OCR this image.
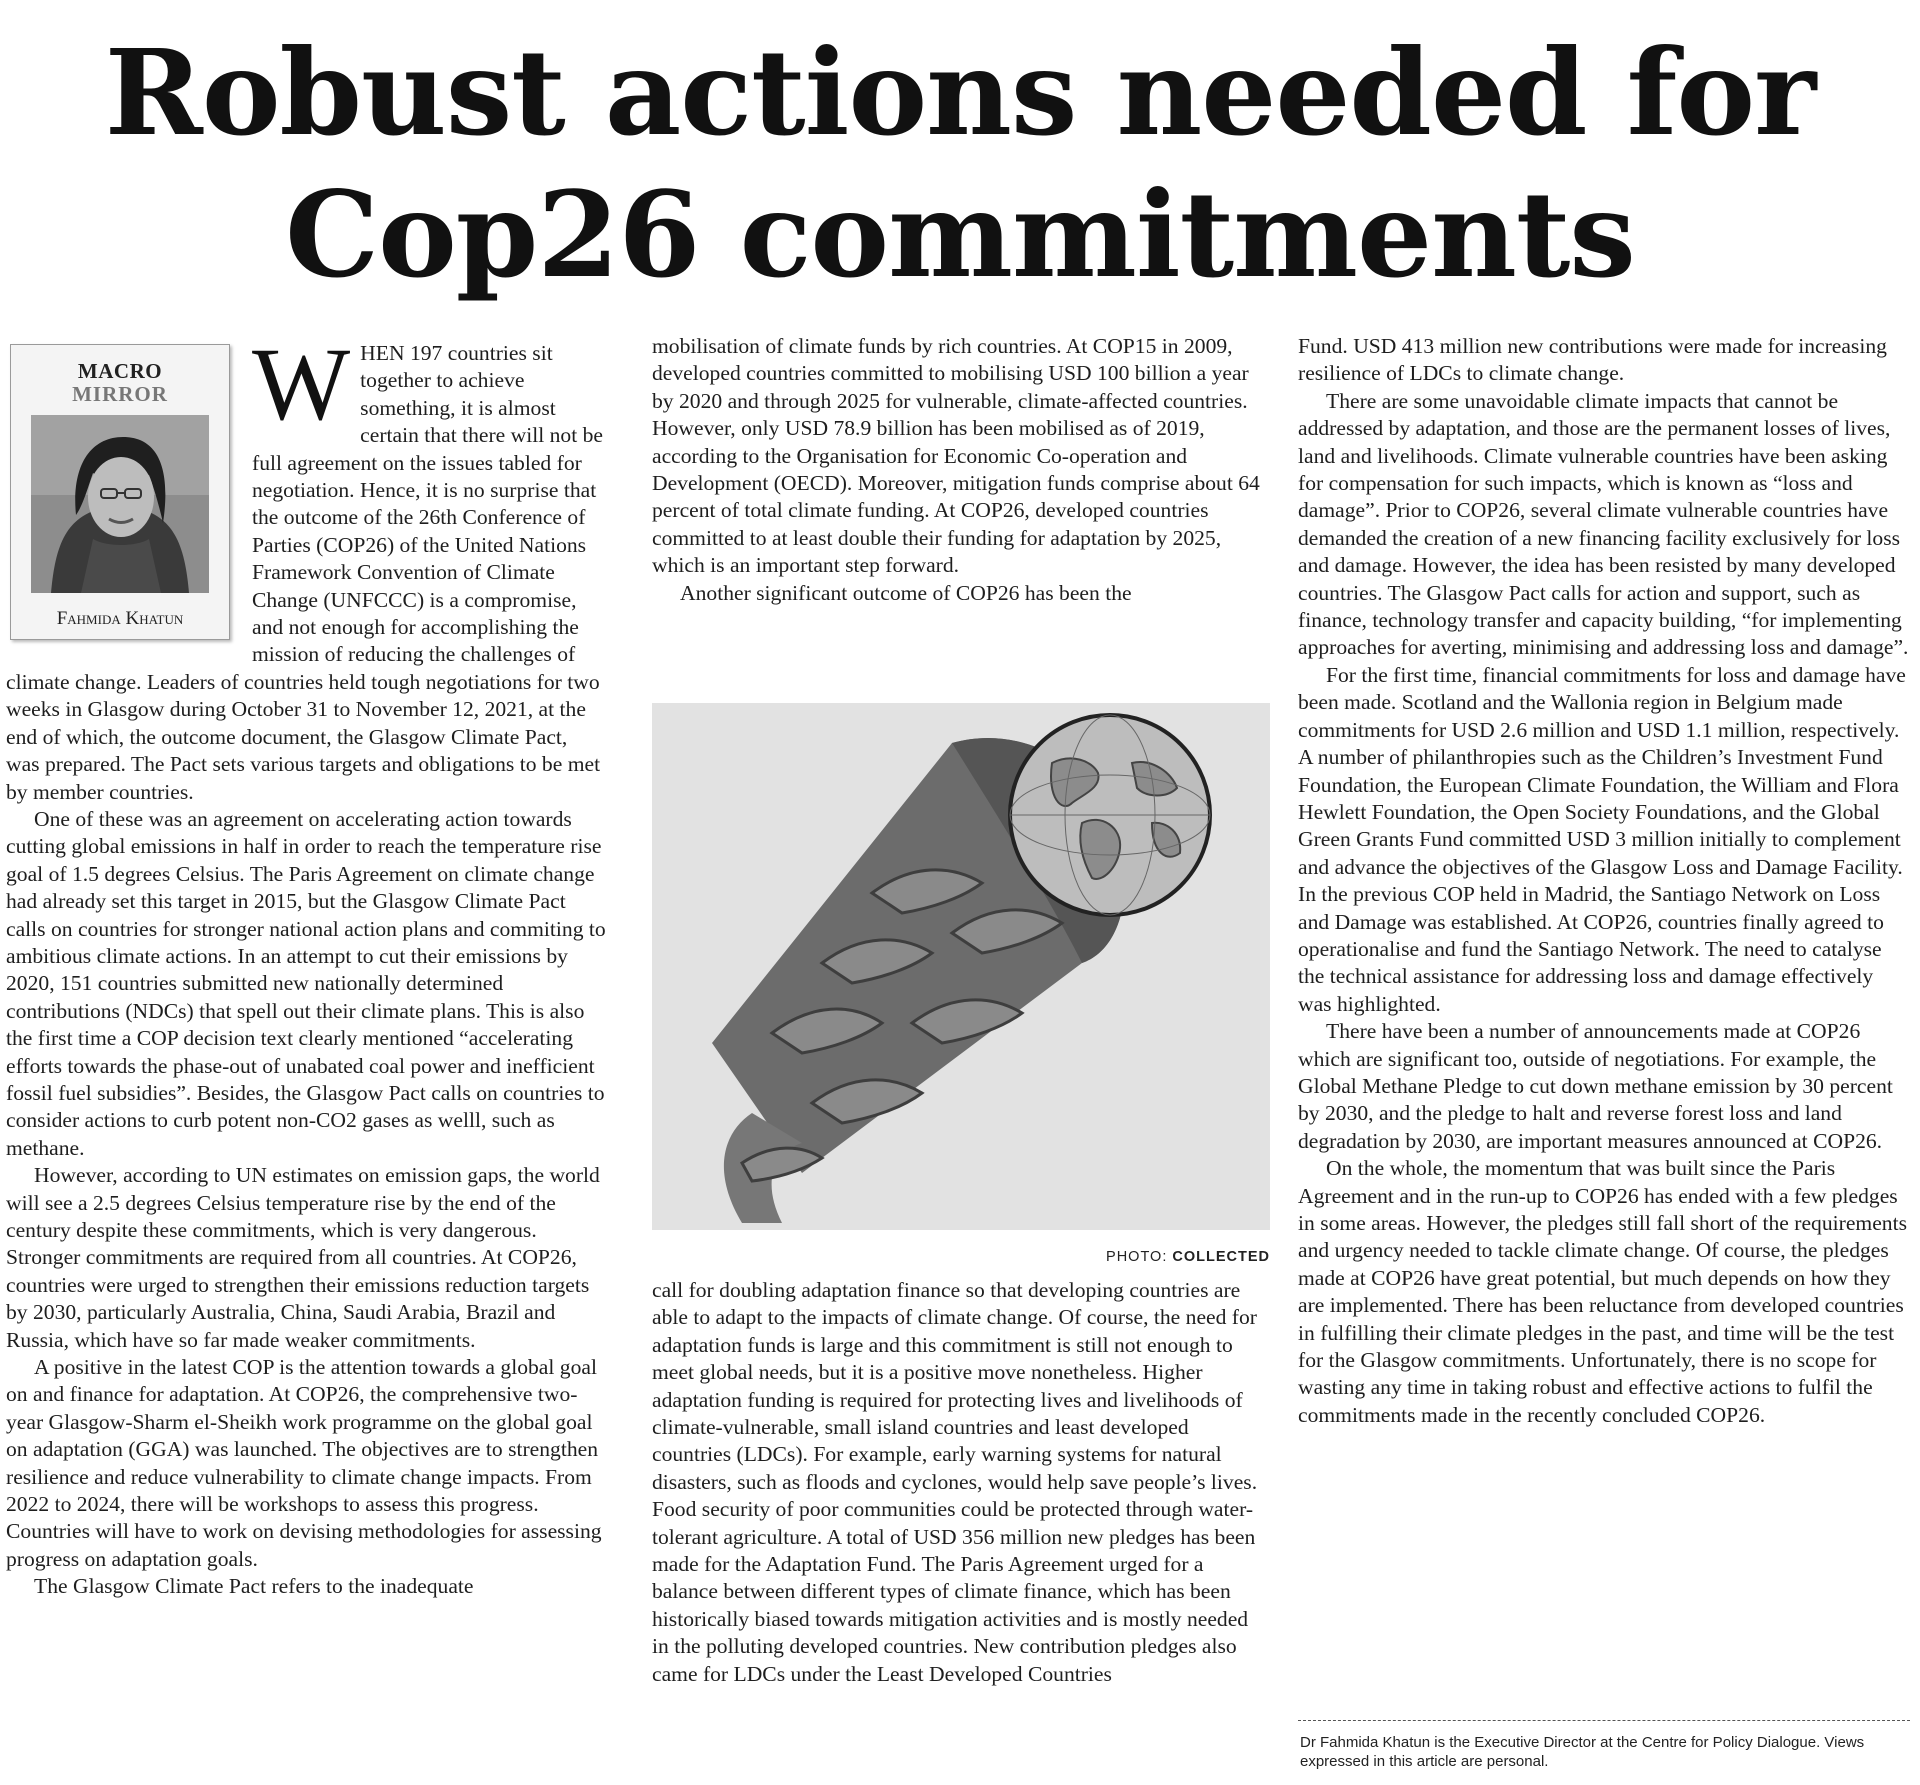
Robust actions needed for Cop26 commitments
MACRO
MIRROR
Fahmida Khatun

WHEN 197 countries sit together to achieve something, it is almost certain that there will not be full agreement on the issues tabled for negotiation. Hence, it is no surprise that the outcome of the 26th Conference of Parties (COP26) of the United Nations Framework Convention of Climate Change (UNFCCC) is a compromise, and not enough for accomplishing the mission of reducing the challenges of climate change. Leaders of countries held tough negotiations for two weeks in Glasgow during October 31 to November 12, 2021, at the end of which, the outcome document, the Glasgow Climate Pact, was prepared. The Pact sets various targets and obligations to be met by member countries.

One of these was an agreement on accelerating action towards cutting global emissions in half in order to reach the temperature rise goal of 1.5 degrees Celsius. The Paris Agreement on climate change had already set this target in 2015, but the Glasgow Climate Pact calls on countries for stronger national action plans and commiting to ambitious climate actions. In an attempt to cut their emissions by 2020, 151 countries submitted new nationally determined contributions (NDCs) that spell out their climate plans. This is also the first time a COP decision text clearly mentioned “accelerating efforts towards the phase-out of unabated coal power and inefficient fossil fuel subsidies”. Besides, the Glasgow Pact calls on countries to consider actions to curb potent non-CO2 gases as welll, such as methane.

However, according to UN estimates on emission gaps, the world will see a 2.5 degrees Celsius temperature rise by the end of the century despite these commitments, which is very dangerous. Stronger commitments are required from all countries. At COP26, countries were urged to strengthen their emissions reduction targets by 2030, particularly Australia, China, Saudi Arabia, Brazil and Russia, which have so far made weaker commitments.

A positive in the latest COP is the attention towards a global goal on and finance for adaptation. At COP26, the comprehensive two-year Glasgow-Sharm el-Sheikh work programme on the global goal on adaptation (GGA) was launched. The objectives are to strengthen resilience and reduce vulnerability to climate change impacts. From 2022 to 2024, there will be workshops to assess this progress. Countries will have to work on devising methodologies for assessing progress on adaptation goals.

The Glasgow Climate Pact refers to the inadequate

mobilisation of climate funds by rich countries. At COP15 in 2009, developed countries committed to mobilising USD 100 billion a year by 2020 and through 2025 for vulnerable, climate-affected countries. However, only USD 78.9 billion has been mobilised as of 2019, according to the Organisation for Economic Co-operation and Development (OECD). Moreover, mitigation funds comprise about 64 percent of total climate funding. At COP26, developed countries committed to at least double their funding for adaptation by 2025, which is an important step forward.

Another significant outcome of COP26 has been the

PHOTO: COLLECTED

call for doubling adaptation finance so that developing countries are able to adapt to the impacts of climate change. Of course, the need for adaptation funds is large and this commitment is still not enough to meet global needs, but it is a positive move nonetheless. Higher adaptation funding is required for protecting lives and livelihoods of climate-vulnerable, small island countries and least developed countries (LDCs). For example, early warning systems for natural disasters, such as floods and cyclones, would help save people’s lives. Food security of poor communities could be protected through water-tolerant agriculture. A total of USD 356 million new pledges has been made for the Adaptation Fund. The Paris Agreement urged for a balance between different types of climate finance, which has been historically biased towards mitigation activities and is mostly needed in the polluting developed countries. New contribution pledges also came for LDCs under the Least Developed Countries

Fund. USD 413 million new contributions were made for increasing resilience of LDCs to climate change.

There are some unavoidable climate impacts that cannot be addressed by adaptation, and those are the permanent losses of lives, land and livelihoods. Climate vulnerable countries have been asking for compensation for such impacts, which is known as “loss and damage”. Prior to COP26, several climate vulnerable countries have demanded the creation of a new financing facility exclusively for loss and damage. However, the idea has been resisted by many developed countries. The Glasgow Pact calls for action and support, such as finance, technology transfer and capacity building, “for implementing approaches for averting, minimising and addressing loss and damage”.

For the first time, financial commitments for loss and damage have been made. Scotland and the Wallonia region in Belgium made commitments for USD 2.6 million and USD 1.1 million, respectively. A number of philanthropies such as the Children’s Investment Fund Foundation, the European Climate Foundation, the William and Flora Hewlett Foundation, the Open Society Foundations, and the Global Green Grants Fund committed USD 3 million initially to complement and advance the objectives of the Glasgow Loss and Damage Facility. In the previous COP held in Madrid, the Santiago Network on Loss and Damage was established. At COP26, countries finally agreed to operationalise and fund the Santiago Network. The need to catalyse the technical assistance for addressing loss and damage effectively was highlighted.

There have been a number of announcements made at COP26 which are significant too, outside of negotiations. For example, the Global Methane Pledge to cut down methane emission by 30 percent by 2030, and the pledge to halt and reverse forest loss and land degradation by 2030, are important measures announced at COP26.

On the whole, the momentum that was built since the Paris Agreement and in the run-up to COP26 has ended with a few pledges in some areas. However, the pledges still fall short of the requirements and urgency needed to tackle climate change. Of course, the pledges made at COP26 have great potential, but much depends on how they are implemented. There has been reluctance from developed countries in fulfilling their climate pledges in the past, and time will be the test for the Glasgow commitments. Unfortunately, there is no scope for wasting any time in taking robust and effective actions to fulfil the commitments made in the recently concluded COP26.

Dr Fahmida Khatun is the Executive Director at the Centre for Policy Dialogue. Views expressed in this article are personal.
